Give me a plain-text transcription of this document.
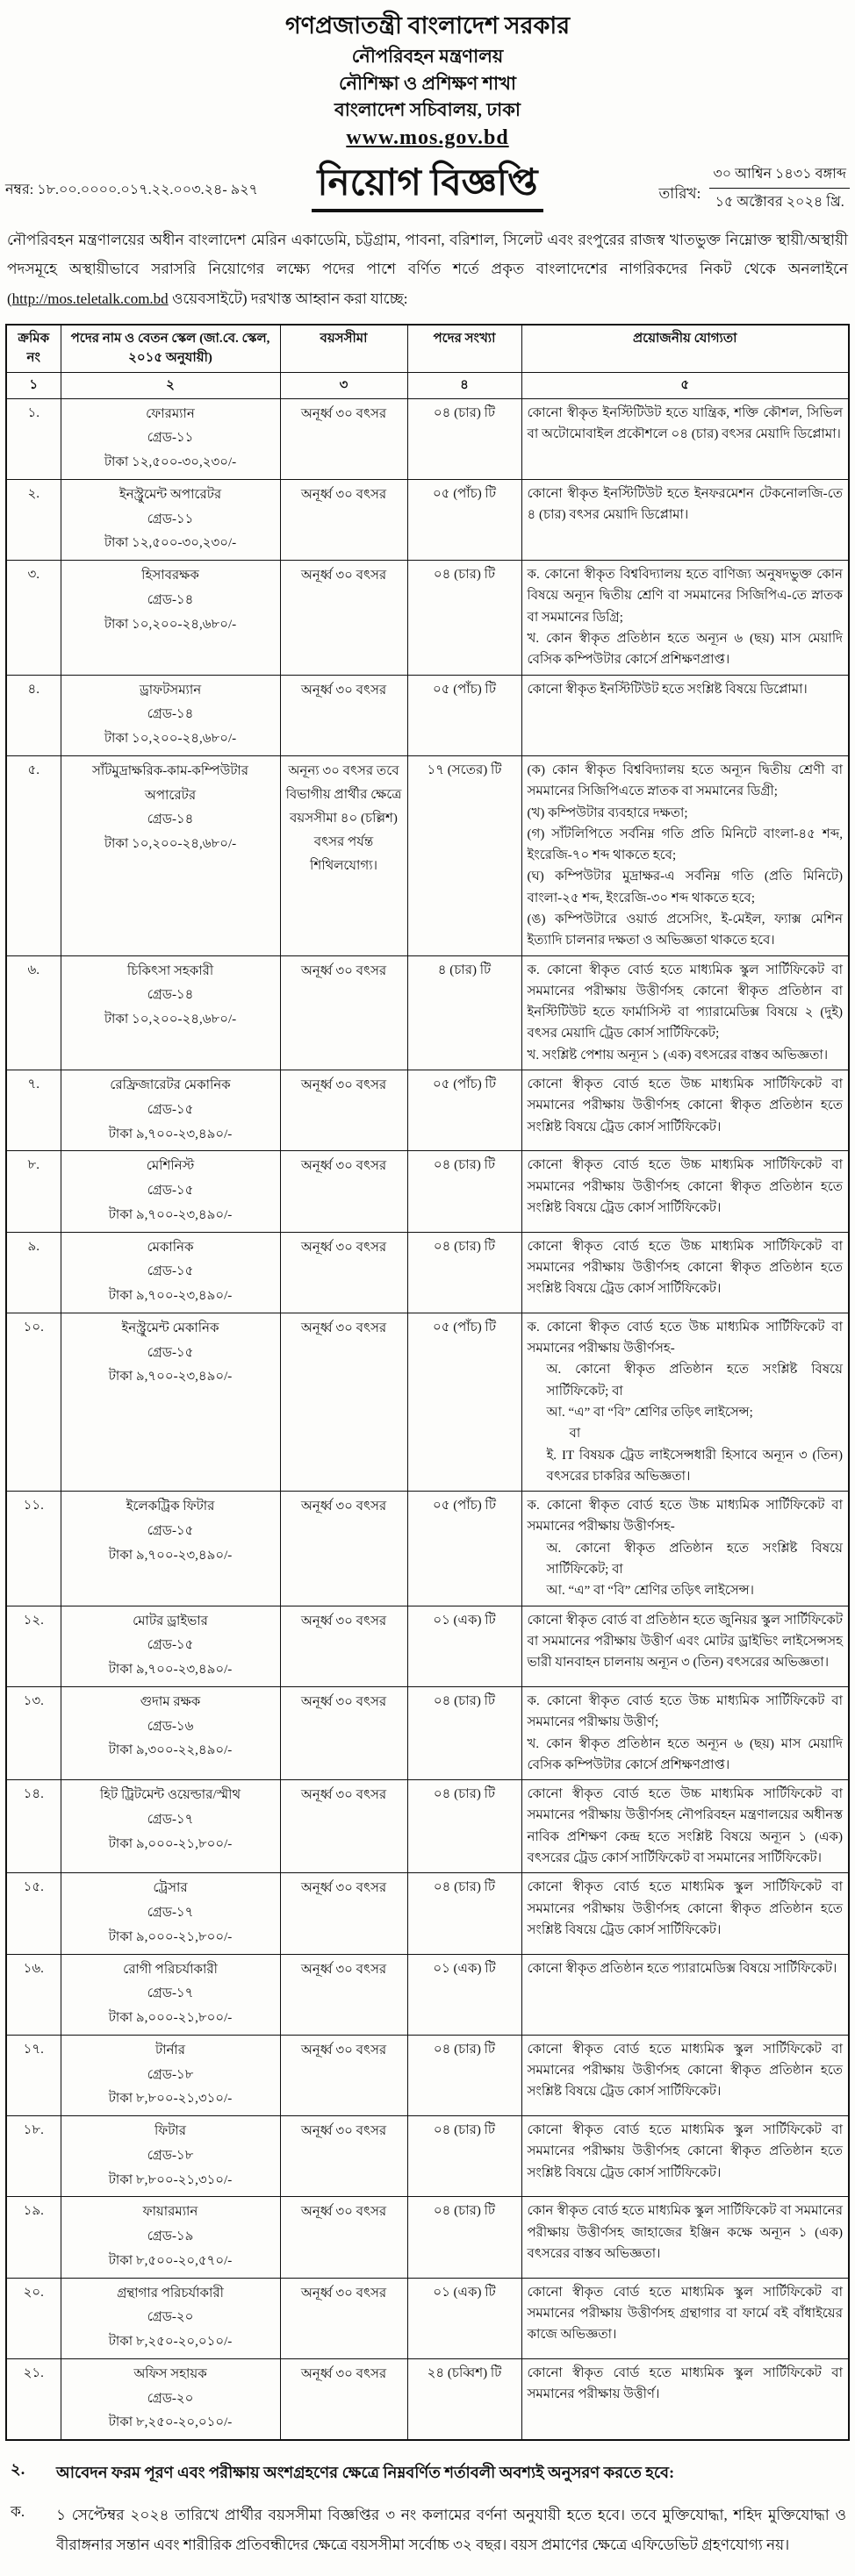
গণপ্রজাতন্ত্রী বাংলাদেশ সরকার
নৌপরিবহন মন্ত্রণালয়
নৌশিক্ষা ও প্রশিক্ষণ শাখা
বাংলাদেশ সচিবালয়, ঢাকা
www.mos.gov.bd
নম্বর: ১৮.০০.০০০০.০১৭.২২.০০৩.২৪- ৯২৭	নিয়োগ বিজ্ঞপ্তি	তারিখ:
৩০ আশ্বিন ১৪৩১ বঙ্গাব্দ
১৫ অক্টোবর ২০২৪ খ্রি.

নৌপরিবহন মন্ত্রণালয়ের অধীন বাংলাদেশ মেরিন একাডেমি, চট্টগ্রাম, পাবনা, বরিশাল, সিলেট এবং রংপুরের রাজস্ব খাতভুক্ত নিম্নোক্ত স্থায়ী/অস্থায়ী পদসমূহে অস্থায়ীভাবে সরাসরি নিয়োগের লক্ষ্যে পদের পাশে বর্ণিত শর্তে প্রকৃত বাংলাদেশের নাগরিকদের নিকট থেকে অনলাইনে (http://mos.teletalk.com.bd ওয়েবসাইটে) দরখাস্ত আহ্বান করা যাচ্ছে:

ক্রমিক নং	পদের নাম ও বেতন স্কেল (জা.বে. স্কেল, ২০১৫ অনুযায়ী)	বয়সসীমা	পদের সংখ্যা	প্রয়োজনীয় যোগ্যতা
১	২	৩	৪	৫
১.	ফোরম্যান
গ্রেড-১১
টাকা ১২,৫০০-৩০,২৩০/-	অনূর্ধ্ব ৩০ বৎসর	০৪ (চার) টি	কোনো স্বীকৃত ইনস্টিটিউট হতে যান্ত্রিক, শক্তি কৌশল, সিভিল বা অটোমোবাইল প্রকৌশলে ০৪ (চার) বৎসর মেয়াদি ডিপ্লোমা।

২.	ইনস্ট্রুমেন্ট অপারেটর
গ্রেড-১১
টাকা ১২,৫০০-৩০,২৩০/-	অনূর্ধ্ব ৩০ বৎসর	০৫ (পাঁচ) টি	কোনো স্বীকৃত ইনস্টিটিউট হতে ইনফরমেশন টেকনোলজি-তে ৪ (চার) বৎসর মেয়াদি ডিপ্লোমা।

৩.	হিসাবরক্ষক
গ্রেড-১৪
টাকা ১০,২০০-২৪,৬৮০/-
	অনূর্ধ্ব ৩০ বৎসর	০৪ (চার) টি	ক. কোনো স্বীকৃত বিশ্ববিদ্যালয় হতে বাণিজ্য অনুষদভুক্ত কোন বিষয়ে অন্যূন দ্বিতীয় শ্রেণি বা সমমানের সিজিপিএ-তে স্নাতক বা সমমানের ডিগ্রি;
খ. কোন স্বীকৃত প্রতিষ্ঠান হতে অন্যূন ৬ (ছয়) মাস মেয়াদি বেসিক কম্পিউটার কোর্সে প্রশিক্ষণপ্রাপ্ত।

৪.	ড্রাফটসম্যান
গ্রেড-১৪
টাকা ১০,২০০-২৪,৬৮০/-	অনূর্ধ্ব ৩০ বৎসর	০৫ (পাঁচ) টি	কোনো স্বীকৃত ইনস্টিটিউট হতে সংশ্লিষ্ট বিষয়ে ডিপ্লোমা।

৫.	সাঁটমুদ্রাক্ষরিক-কাম-কম্পিউটার
অপারেটর
গ্রেড-১৪
টাকা ১০,২০০-২৪,৬৮০/-
	অনূন্য ৩০ বৎসর তবে বিভাগীয় প্রার্থীর ক্ষেত্রে বয়সসীমা ৪০ (চল্লিশ) বৎসর পর্যন্ত শিথিলযোগ্য।	১৭ (সতের) টি	(ক) কোন স্বীকৃত বিশ্ববিদ্যালয় হতে অন্যূন দ্বিতীয় শ্রেণী বা সমমানের সিজিপিএতে স্নাতক বা সমমানের ডিগ্রী;
(খ) কম্পিউটার ব্যবহারে দক্ষতা;
(গ) সাঁটলিপিতে সর্বনিম্ন গতি প্রতি মিনিটে বাংলা-৪৫ শব্দ, ইংরেজি-৭০ শব্দ থাকতে হবে;
(ঘ) কম্পিউটার মুদ্রাক্ষর-এ সর্বনিম্ন গতি (প্রতি মিনিটে) বাংলা-২৫ শব্দ, ইংরেজি-৩০ শব্দ থাকতে হবে;
(ঙ) কম্পিউটারে ওয়ার্ড প্রসেসিং, ই-মেইল, ফ্যাক্স মেশিন ইত্যাদি চালনার দক্ষতা ও অভিজ্ঞতা থাকতে হবে।

৬.	চিকিৎসা সহকারী
গ্রেড-১৪
টাকা ১০,২০০-২৪,৬৮০/-
	অনূর্ধ্ব ৩০ বৎসর	৪ (চার) টি	ক. কোনো স্বীকৃত বোর্ড হতে মাধ্যমিক স্কুল সার্টিফিকেট বা সমমানের পরীক্ষায় উত্তীর্ণসহ কোনো স্বীকৃত প্রতিষ্ঠান বা ইনস্টিটিউট হতে ফার্মাসিস্ট বা প্যারামেডিক্স বিষয়ে ২ (দুই) বৎসর মেয়াদি ট্রেড কোর্স সার্টিফিকেট;
খ. সংশ্লিষ্ট পেশায় অন্যূন ১ (এক) বৎসরের বাস্তব অভিজ্ঞতা।

৭.	রেফ্রিজারেটর মেকানিক
গ্রেড-১৫
টাকা ৯,৭০০-২৩,৪৯০/-	অনূর্ধ্ব ৩০ বৎসর	০৫ (পাঁচ) টি	কোনো স্বীকৃত বোর্ড হতে উচ্চ মাধ্যমিক সার্টিফিকেট বা সমমানের পরীক্ষায় উত্তীর্ণসহ কোনো স্বীকৃত প্রতিষ্ঠান হতে সংশ্লিষ্ট বিষয়ে ট্রেড কোর্স সার্টিফিকেট।

৮.	মেশিনিস্ট
গ্রেড-১৫
টাকা ৯,৭০০-২৩,৪৯০/-	অনূর্ধ্ব ৩০ বৎসর	০৪ (চার) টি	কোনো স্বীকৃত বোর্ড হতে উচ্চ মাধ্যমিক সার্টিফিকেট বা সমমানের পরীক্ষায় উত্তীর্ণসহ কোনো স্বীকৃত প্রতিষ্ঠান হতে সংশ্লিষ্ট বিষয়ে ট্রেড কোর্স সার্টিফিকেট।

৯.	মেকানিক
গ্রেড-১৫
টাকা ৯,৭০০-২৩,৪৯০/-	অনূর্ধ্ব ৩০ বৎসর	০৪ (চার) টি	কোনো স্বীকৃত বোর্ড হতে উচ্চ মাধ্যমিক সার্টিফিকেট বা সমমানের পরীক্ষায় উত্তীর্ণসহ কোনো স্বীকৃত প্রতিষ্ঠান হতে সংশ্লিষ্ট বিষয়ে ট্রেড কোর্স সার্টিফিকেট।

১০.	ইনস্ট্রুমেন্ট মেকানিক
গ্রেড-১৫
টাকা ৯,৭০০-২৩,৪৯০/-
	অনূর্ধ্ব ৩০ বৎসর	০৫ (পাঁচ) টি	ক. কোনো স্বীকৃত বোর্ড হতে উচ্চ মাধ্যমিক সার্টিফিকেট বা সমমানের পরীক্ষায় উত্তীর্ণসহ-
অ. কোনো স্বীকৃত প্রতিষ্ঠান হতে সংশ্লিষ্ট বিষয়ে সার্টিফিকেট; বা
আ. “এ” বা “বি” শ্রেণির তড়িৎ লাইসেন্স;
বা
ই. IT বিষয়ক ট্রেড লাইসেন্সধারী হিসাবে অন্যূন ৩ (তিন) বৎসরের চাকরির অভিজ্ঞতা।

১১.	ইলেকট্রিক ফিটার
গ্রেড-১৫
টাকা ৯,৭০০-২৩,৪৯০/-
	অনূর্ধ্ব ৩০ বৎসর	০৫ (পাঁচ) টি	ক. কোনো স্বীকৃত বোর্ড হতে উচ্চ মাধ্যমিক সার্টিফিকেট বা সমমানের পরীক্ষায় উত্তীর্ণসহ-
অ. কোনো স্বীকৃত প্রতিষ্ঠান হতে সংশ্লিষ্ট বিষয়ে সার্টিফিকেট; বা
আ. “এ” বা “বি” শ্রেণির তড়িৎ লাইসেন্স।

১২.	মোটর ড্রাইভার
গ্রেড-১৫
টাকা ৯,৭০০-২৩,৪৯০/-	অনূর্ধ্ব ৩০ বৎসর	০১ (এক) টি	কোনো স্বীকৃত বোর্ড বা প্রতিষ্ঠান হতে জুনিয়র স্কুল সার্টিফিকেট বা সমমানের পরীক্ষায় উত্তীর্ণ এবং মোটর ড্রাইভিং লাইসেন্সসহ ভারী যানবাহন চালনায় অন্যূন ৩ (তিন) বৎসরের অভিজ্ঞতা।

১৩.	গুদাম রক্ষক
গ্রেড-১৬
টাকা ৯,৩০০-২২,৪৯০/-
	অনূর্ধ্ব ৩০ বৎসর	০৪ (চার) টি	ক. কোনো স্বীকৃত বোর্ড হতে উচ্চ মাধ্যমিক সার্টিফিকেট বা সমমানের পরীক্ষায় উত্তীর্ণ;
খ. কোন স্বীকৃত প্রতিষ্ঠান হতে অন্যূন ৬ (ছয়) মাস মেয়াদি বেসিক কম্পিউটার কোর্সে প্রশিক্ষণপ্রাপ্ত।

১৪.	হিট ট্রিটমেন্ট ওয়েল্ডার/স্মীথ
গ্রেড-১৭
টাকা ৯,০০০-২১,৮০০/-
	অনূর্ধ্ব ৩০ বৎসর	০৪ (চার) টি	কোনো স্বীকৃত বোর্ড হতে উচ্চ মাধ্যমিক সার্টিফিকেট বা সমমানের পরীক্ষায় উত্তীর্ণসহ নৌপরিবহন মন্ত্রণালয়ের অধীনস্ত নাবিক প্রশিক্ষণ কেন্দ্র হতে সংশ্লিষ্ট বিষয়ে অন্যূন ১ (এক) বৎসরের ট্রেড কোর্স সার্টিফিকেট বা সমমানের সার্টিফিকেট।

১৫.	ট্রেসার
গ্রেড-১৭
টাকা ৯,০০০-২১,৮০০/-	অনূর্ধ্ব ৩০ বৎসর	০৪ (চার) টি	কোনো স্বীকৃত বোর্ড হতে মাধ্যমিক স্কুল সার্টিফিকেট বা সমমানের পরীক্ষায় উত্তীর্ণসহ কোনো স্বীকৃত প্রতিষ্ঠান হতে সংশ্লিষ্ট বিষয়ে ট্রেড কোর্স সার্টিফিকেট।

১৬.	রোগী পরিচর্যাকারী
গ্রেড-১৭
টাকা ৯,০০০-২১,৮০০/-	অনূর্ধ্ব ৩০ বৎসর	০১ (এক) টি	কোনো স্বীকৃত প্রতিষ্ঠান হতে প্যারামেডিক্স বিষয়ে সার্টিফিকেট।

১৭.	টার্নার
গ্রেড-১৮
টাকা ৮,৮০০-২১,৩১০/-	অনূর্ধ্ব ৩০ বৎসর	০৪ (চার) টি	কোনো স্বীকৃত বোর্ড হতে মাধ্যমিক স্কুল সার্টিফিকেট বা সমমানের পরীক্ষায় উত্তীর্ণসহ কোনো স্বীকৃত প্রতিষ্ঠান হতে সংশ্লিষ্ট বিষয়ে ট্রেড কোর্স সার্টিফিকেট।

১৮.	ফিটার
গ্রেড-১৮
টাকা ৮,৮০০-২১,৩১০/-	অনূর্ধ্ব ৩০ বৎসর	০৪ (চার) টি	কোনো স্বীকৃত বোর্ড হতে মাধ্যমিক স্কুল সার্টিফিকেট বা সমমানের পরীক্ষায় উত্তীর্ণসহ কোনো স্বীকৃত প্রতিষ্ঠান হতে সংশ্লিষ্ট বিষয়ে ট্রেড কোর্স সার্টিফিকেট।

১৯.	ফায়ারম্যান
গ্রেড-১৯
টাকা ৮,৫০০-২০,৫৭০/-	অনূর্ধ্ব ৩০ বৎসর	০৪ (চার) টি	কোন স্বীকৃত বোর্ড হতে মাধ্যমিক স্কুল সার্টিফিকেট বা সমমানের পরীক্ষায় উত্তীর্ণসহ জাহাজের ইঞ্জিন কক্ষে অন্যূন ১ (এক) বৎসরের বাস্তব অভিজ্ঞতা।

২০.	গ্রন্থাগার পরিচর্যাকারী
গ্রেড-২০
টাকা ৮,২৫০-২০,০১০/-	অনূর্ধ্ব ৩০ বৎসর	০১ (এক) টি	কোনো স্বীকৃত বোর্ড হতে মাধ্যমিক স্কুল সার্টিফিকেট বা সমমানের পরীক্ষায় উত্তীর্ণসহ গ্রন্থাগার বা ফার্মে বই বাঁধাইয়ের কাজে অভিজ্ঞতা।

২১.	অফিস সহায়ক
গ্রেড-২০
টাকা ৮,২৫০-২০,০১০/-	অনূর্ধ্ব ৩০ বৎসর	২৪ (চব্বিশ) টি	কোনো স্বীকৃত বোর্ড হতে মাধ্যমিক স্কুল সার্টিফিকেট বা সমমানের পরীক্ষায় উত্তীর্ণ।
২.	আবেদন ফরম পূরণ এবং পরীক্ষায় অংশগ্রহণের ক্ষেত্রে নিম্নবর্ণিত শর্তাবলী অবশ্যই অনুসরণ করতে হবে:
ক.	১ সেপ্টেম্বর ২০২৪ তারিখে প্রার্থীর বয়সসীমা বিজ্ঞপ্তির ৩ নং কলামের বর্ণনা অনুযায়ী হতে হবে। তবে মুক্তিযোদ্ধা, শহিদ মুক্তিযোদ্ধা ও বীরাঙ্গনার সন্তান এবং শারীরিক প্রতিবন্ধীদের ক্ষেত্রে বয়সসীমা সর্বোচ্চ ৩২ বছর। বয়স প্রমাণের ক্ষেত্রে এফিডেভিট গ্রহণযোগ্য নয়।
